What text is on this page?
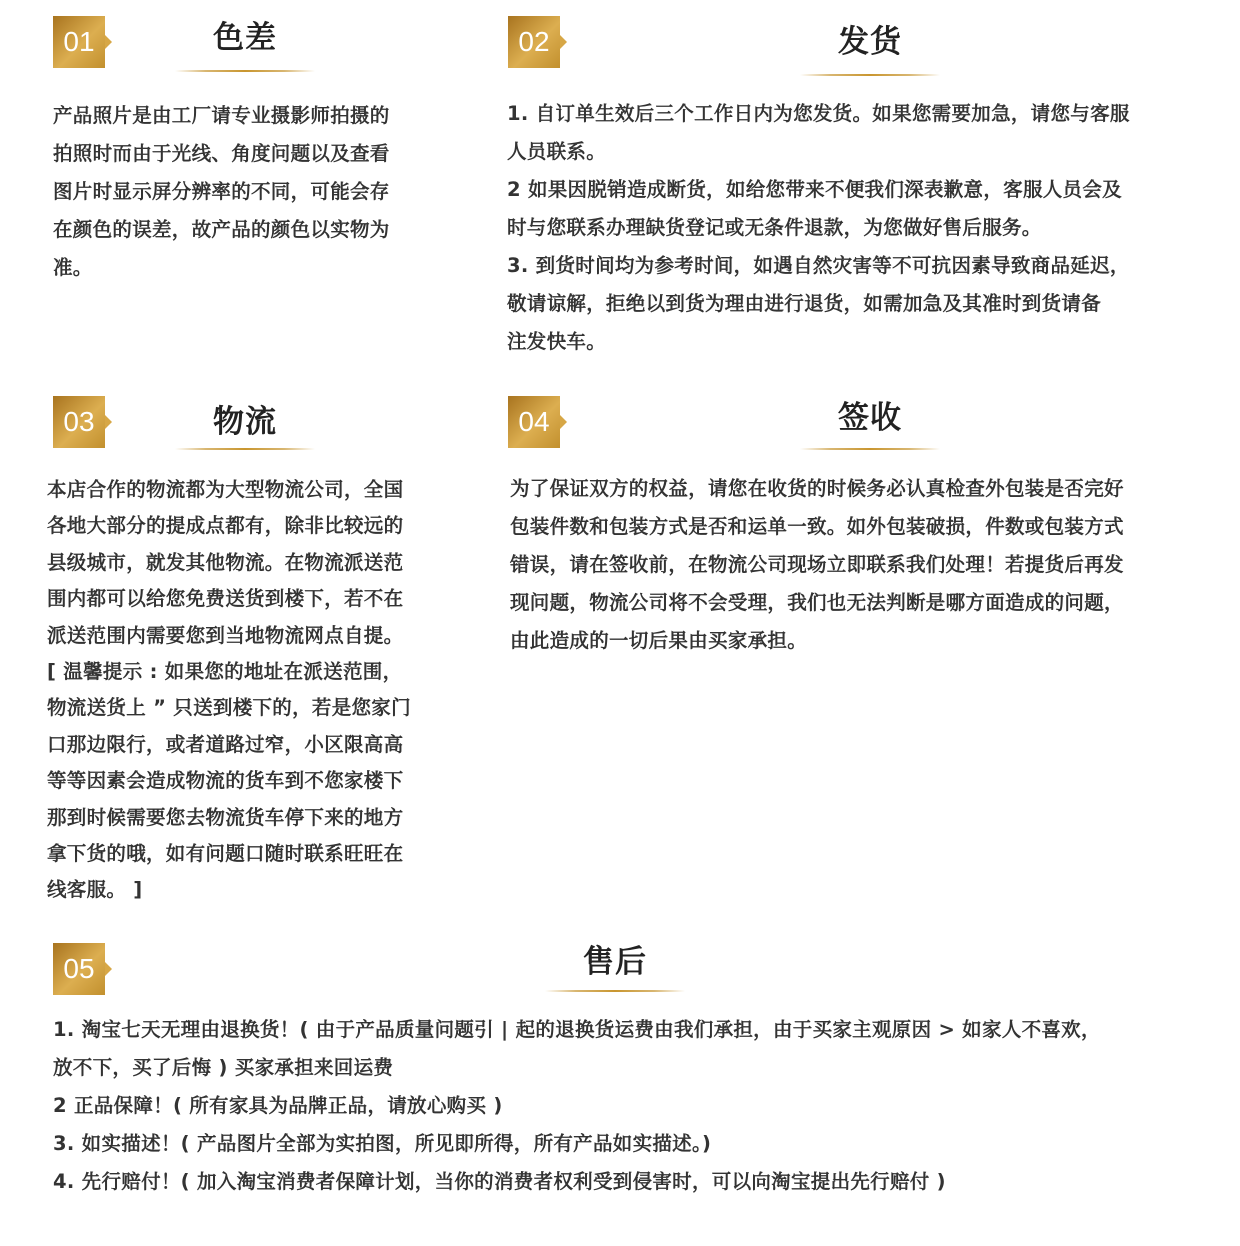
01	色差

产品照片是由工厂请专业摄影师拍摄的

拍照时而由于光线、角度问题以及查看

图片时显示屏分辨率的不同，可能会存

在颜色的误差，故产品的颜色以实物为

准。

02	发货

1. 自订单生效后三个工作日内为您发货。如果您需要加急，请您与客服

人员联系。

2 如果因脱销造成断货，如给您带来不便我们深表歉意，客服人员会及

时与您联系办理缺货登记或无条件退款，为您做好售后服务。

3. 到货时间均为参考时间，如遇自然灾害等不可抗因素导致商品延迟，

敬请谅解，拒绝以到货为理由进行退货，如需加急及其准时到货请备

注发快车。

03	物流

本店合作的物流都为大型物流公司，全国

各地大部分的提成点都有，除非比较远的

县级城市，就发其他物流。在物流派送范

围内都可以给您免费送货到楼下，若不在

派送范围内需要您到当地物流网点自提。

[ 温馨提示 : 如果您的地址在派送范围，

物流送货上 ” 只送到楼下的，若是您家门

口那边限行，或者道路过窄，小区限高高

等等因素会造成物流的货车到不您家楼下

那到时候需要您去物流货车停下来的地方

拿下货的哦，如有问题口随时联系旺旺在

线客服。 ]

04	签收

为了保证双方的权益，请您在收货的时候务必认真检查外包装是否完好

包装件数和包装方式是否和运单一致。如外包装破损，件数或包装方式

错误，请在签收前，在物流公司现场立即联系我们处理！若提货后再发

现问题，物流公司将不会受理，我们也无法判断是哪方面造成的问题，

由此造成的一切后果由买家承担。

05	售后

1. 淘宝七天无理由退换货！( 由于产品质量问题引 | 起的退换货运费由我们承担，由于买家主观原因 > 如家人不喜欢，

放不下，买了后悔 ) 买家承担来回运费

2 正品保障！( 所有家具为品牌正品，请放心购买 )

3. 如实描述！( 产品图片全部为实拍图，所见即所得，所有产品如实描述。)

4. 先行赔付！( 加入淘宝消费者保障计划，当你的消费者权利受到侵害时，可以向淘宝提出先行赔付 )
